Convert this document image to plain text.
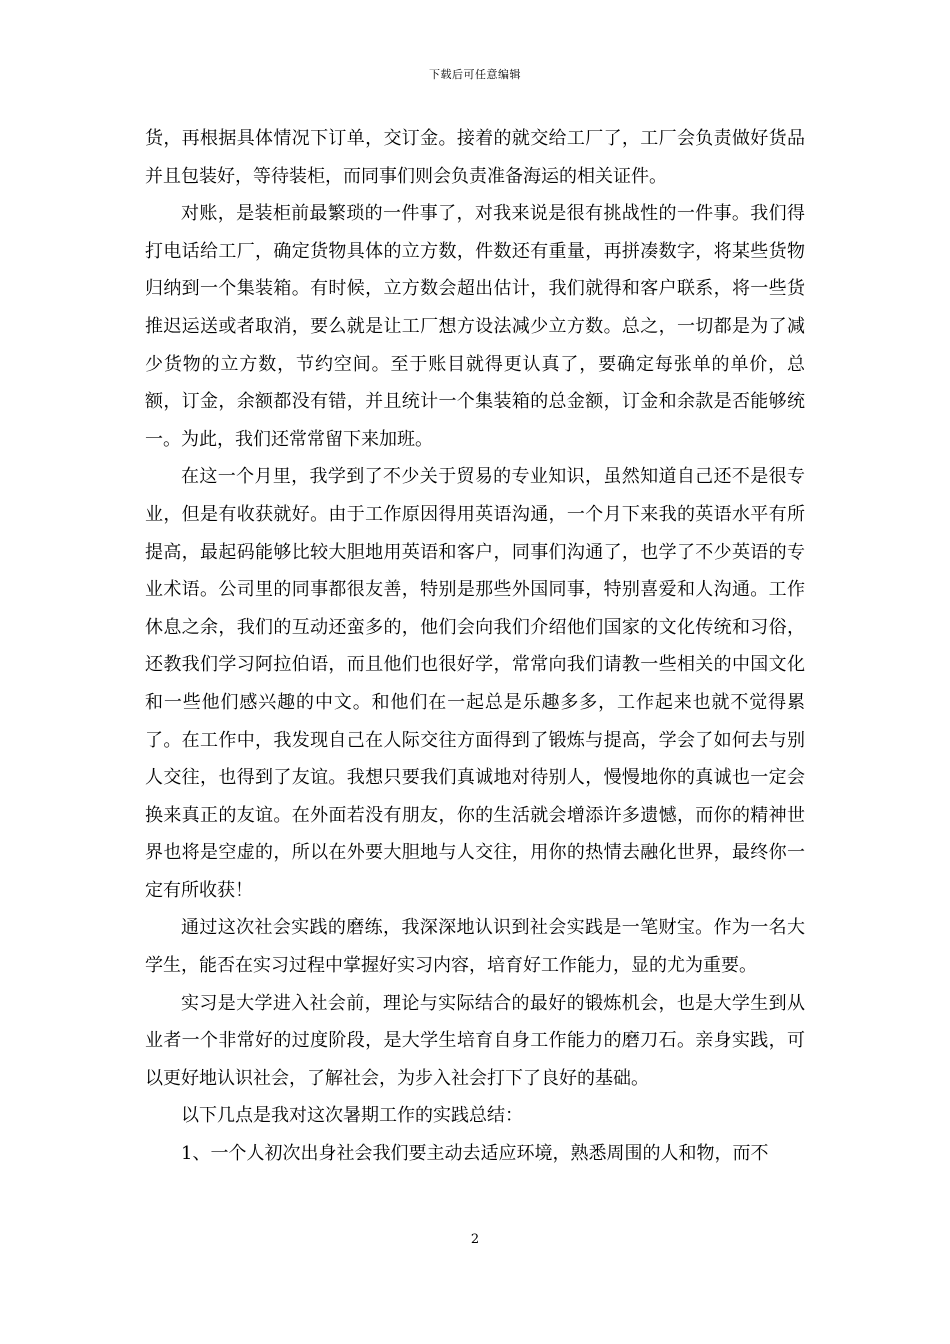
下载后可任意编辑

货，再根据具体情况下订单，交订金。接着的就交给工厂了，工厂会负责做好货品并且包装好，等待装柜，而同事们则会负责准备海运的相关证件。

对账，是装柜前最繁琐的一件事了，对我来说是很有挑战性的一件事。我们得打电话给工厂，确定货物具体的立方数，件数还有重量，再拼凑数字，将某些货物归纳到一个集装箱。有时候，立方数会超出估计，我们就得和客户联系，将一些货推迟运送或者取消，要么就是让工厂想方设法减少立方数。总之，一切都是为了减少货物的立方数，节约空间。至于账目就得更认真了，要确定每张单的单价，总额，订金，余额都没有错，并且统计一个集装箱的总金额，订金和余款是否能够统一。为此，我们还常常留下来加班。

在这一个月里，我学到了不少关于贸易的专业知识，虽然知道自己还不是很专业，但是有收获就好。由于工作原因得用英语沟通，一个月下来我的英语水平有所提高，最起码能够比较大胆地用英语和客户，同事们沟通了，也学了不少英语的专业术语。公司里的同事都很友善，特别是那些外国同事，特别喜爱和人沟通。工作休息之余，我们的互动还蛮多的，他们会向我们介绍他们国家的文化传统和习俗，还教我们学习阿拉伯语，而且他们也很好学，常常向我们请教一些相关的中国文化和一些他们感兴趣的中文。和他们在一起总是乐趣多多，工作起来也就不觉得累了。在工作中，我发现自己在人际交往方面得到了锻炼与提高，学会了如何去与别人交往，也得到了友谊。我想只要我们真诚地对待别人，慢慢地你的真诚也一定会换来真正的友谊。在外面若没有朋友，你的生活就会增添许多遗憾，而你的精神世界也将是空虚的，所以在外要大胆地与人交往，用你的热情去融化世界，最终你一定有所收获！

通过这次社会实践的磨练，我深深地认识到社会实践是一笔财宝。作为一名大学生，能否在实习过程中掌握好实习内容，培育好工作能力，显的尤为重要。

实习是大学进入社会前，理论与实际结合的最好的锻炼机会，也是大学生到从业者一个非常好的过度阶段，是大学生培育自身工作能力的磨刀石。亲身实践，可以更好地认识社会，了解社会，为步入社会打下了良好的基础。

以下几点是我对这次暑期工作的实践总结：

1、一个人初次出身社会我们要主动去适应环境，熟悉周围的人和物，而不

2
